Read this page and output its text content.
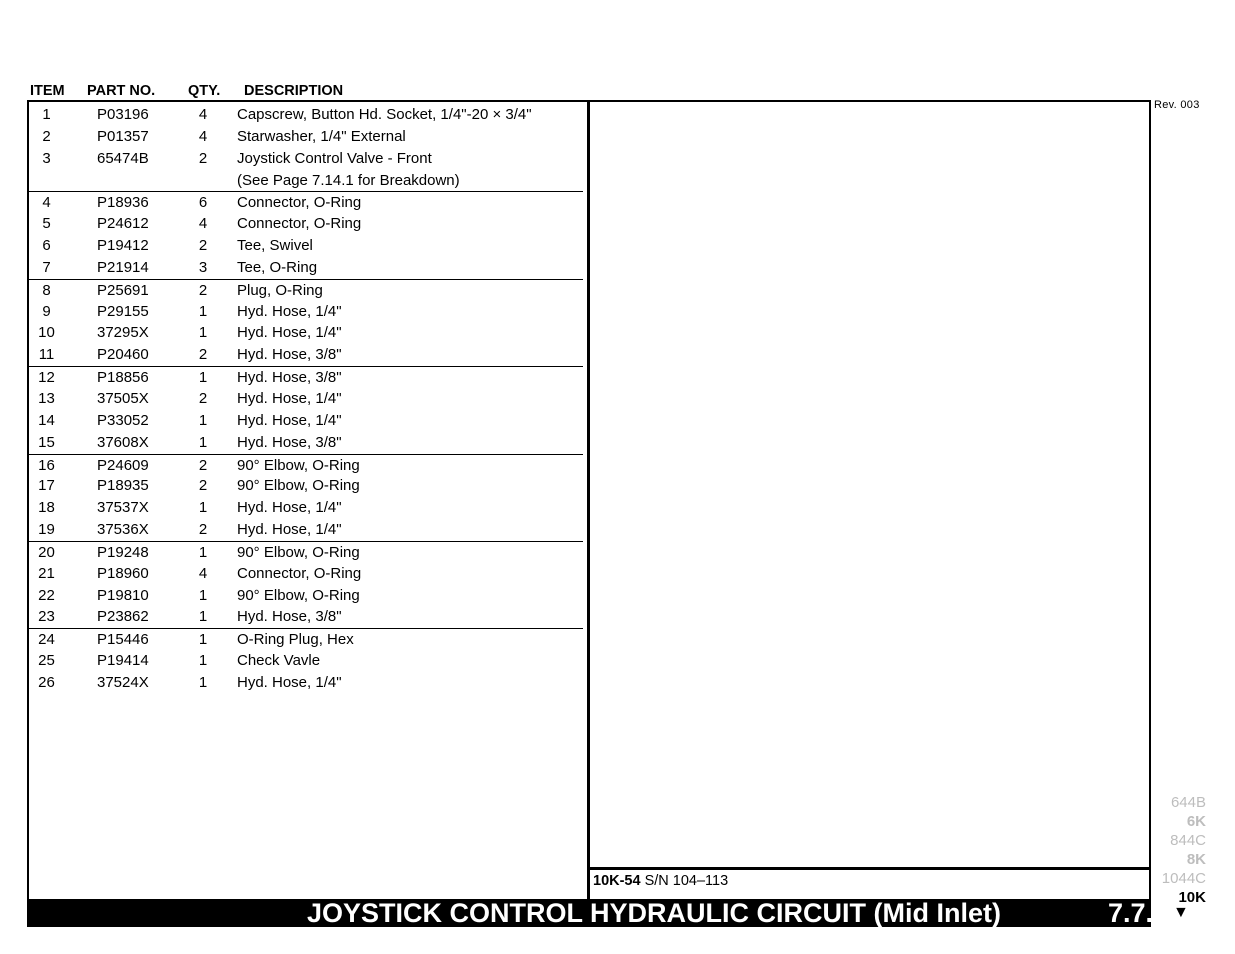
ITEM PART NO. QTY. DESCRIPTION
Rev. 003
1	P03196	4	Capscrew, Button Hd. Socket, 1/4"-20 × 3/4"
2	P01357	4	Starwasher, 1/4" External
3	65474B	2	Joystick Control Valve - Front
(See Page 7.14.1 for Breakdown)
4	P18936	6	Connector, O-Ring
5	P24612	4	Connector, O-Ring
6	P19412	2	Tee, Swivel
7	P21914	3	Tee, O-Ring
8	P25691	2	Plug, O-Ring
9	P29155	1	Hyd. Hose, 1/4"
10	37295X	1	Hyd. Hose, 1/4"
11	P20460	2	Hyd. Hose, 3/8"
12	P18856	1	Hyd. Hose, 3/8"
13	37505X	2	Hyd. Hose, 1/4"
14	P33052	1	Hyd. Hose, 1/4"
15	37608X	1	Hyd. Hose, 3/8"
16	P24609	2	90° Elbow, O-Ring
17	P18935	2	90° Elbow, O-Ring
18	37537X	1	Hyd. Hose, 1/4"
19	37536X	2	Hyd. Hose, 1/4"
20	P19248	1	90° Elbow, O-Ring
21	P18960	4	Connector, O-Ring
22	P19810	1	90° Elbow, O-Ring
23	P23862	1	Hyd. Hose, 3/8"
24	P15446	1	O-Ring Plug, Hex
25	P19414	1	Check Vavle
26	37524X	1	Hyd. Hose, 1/4"
10K-54 S/N 104–113
JOYSTICK CONTROL HYDRAULIC CIRCUIT (Mid Inlet)	7.7.4
644B
6K
844C
8K
1044C
10K
▼
